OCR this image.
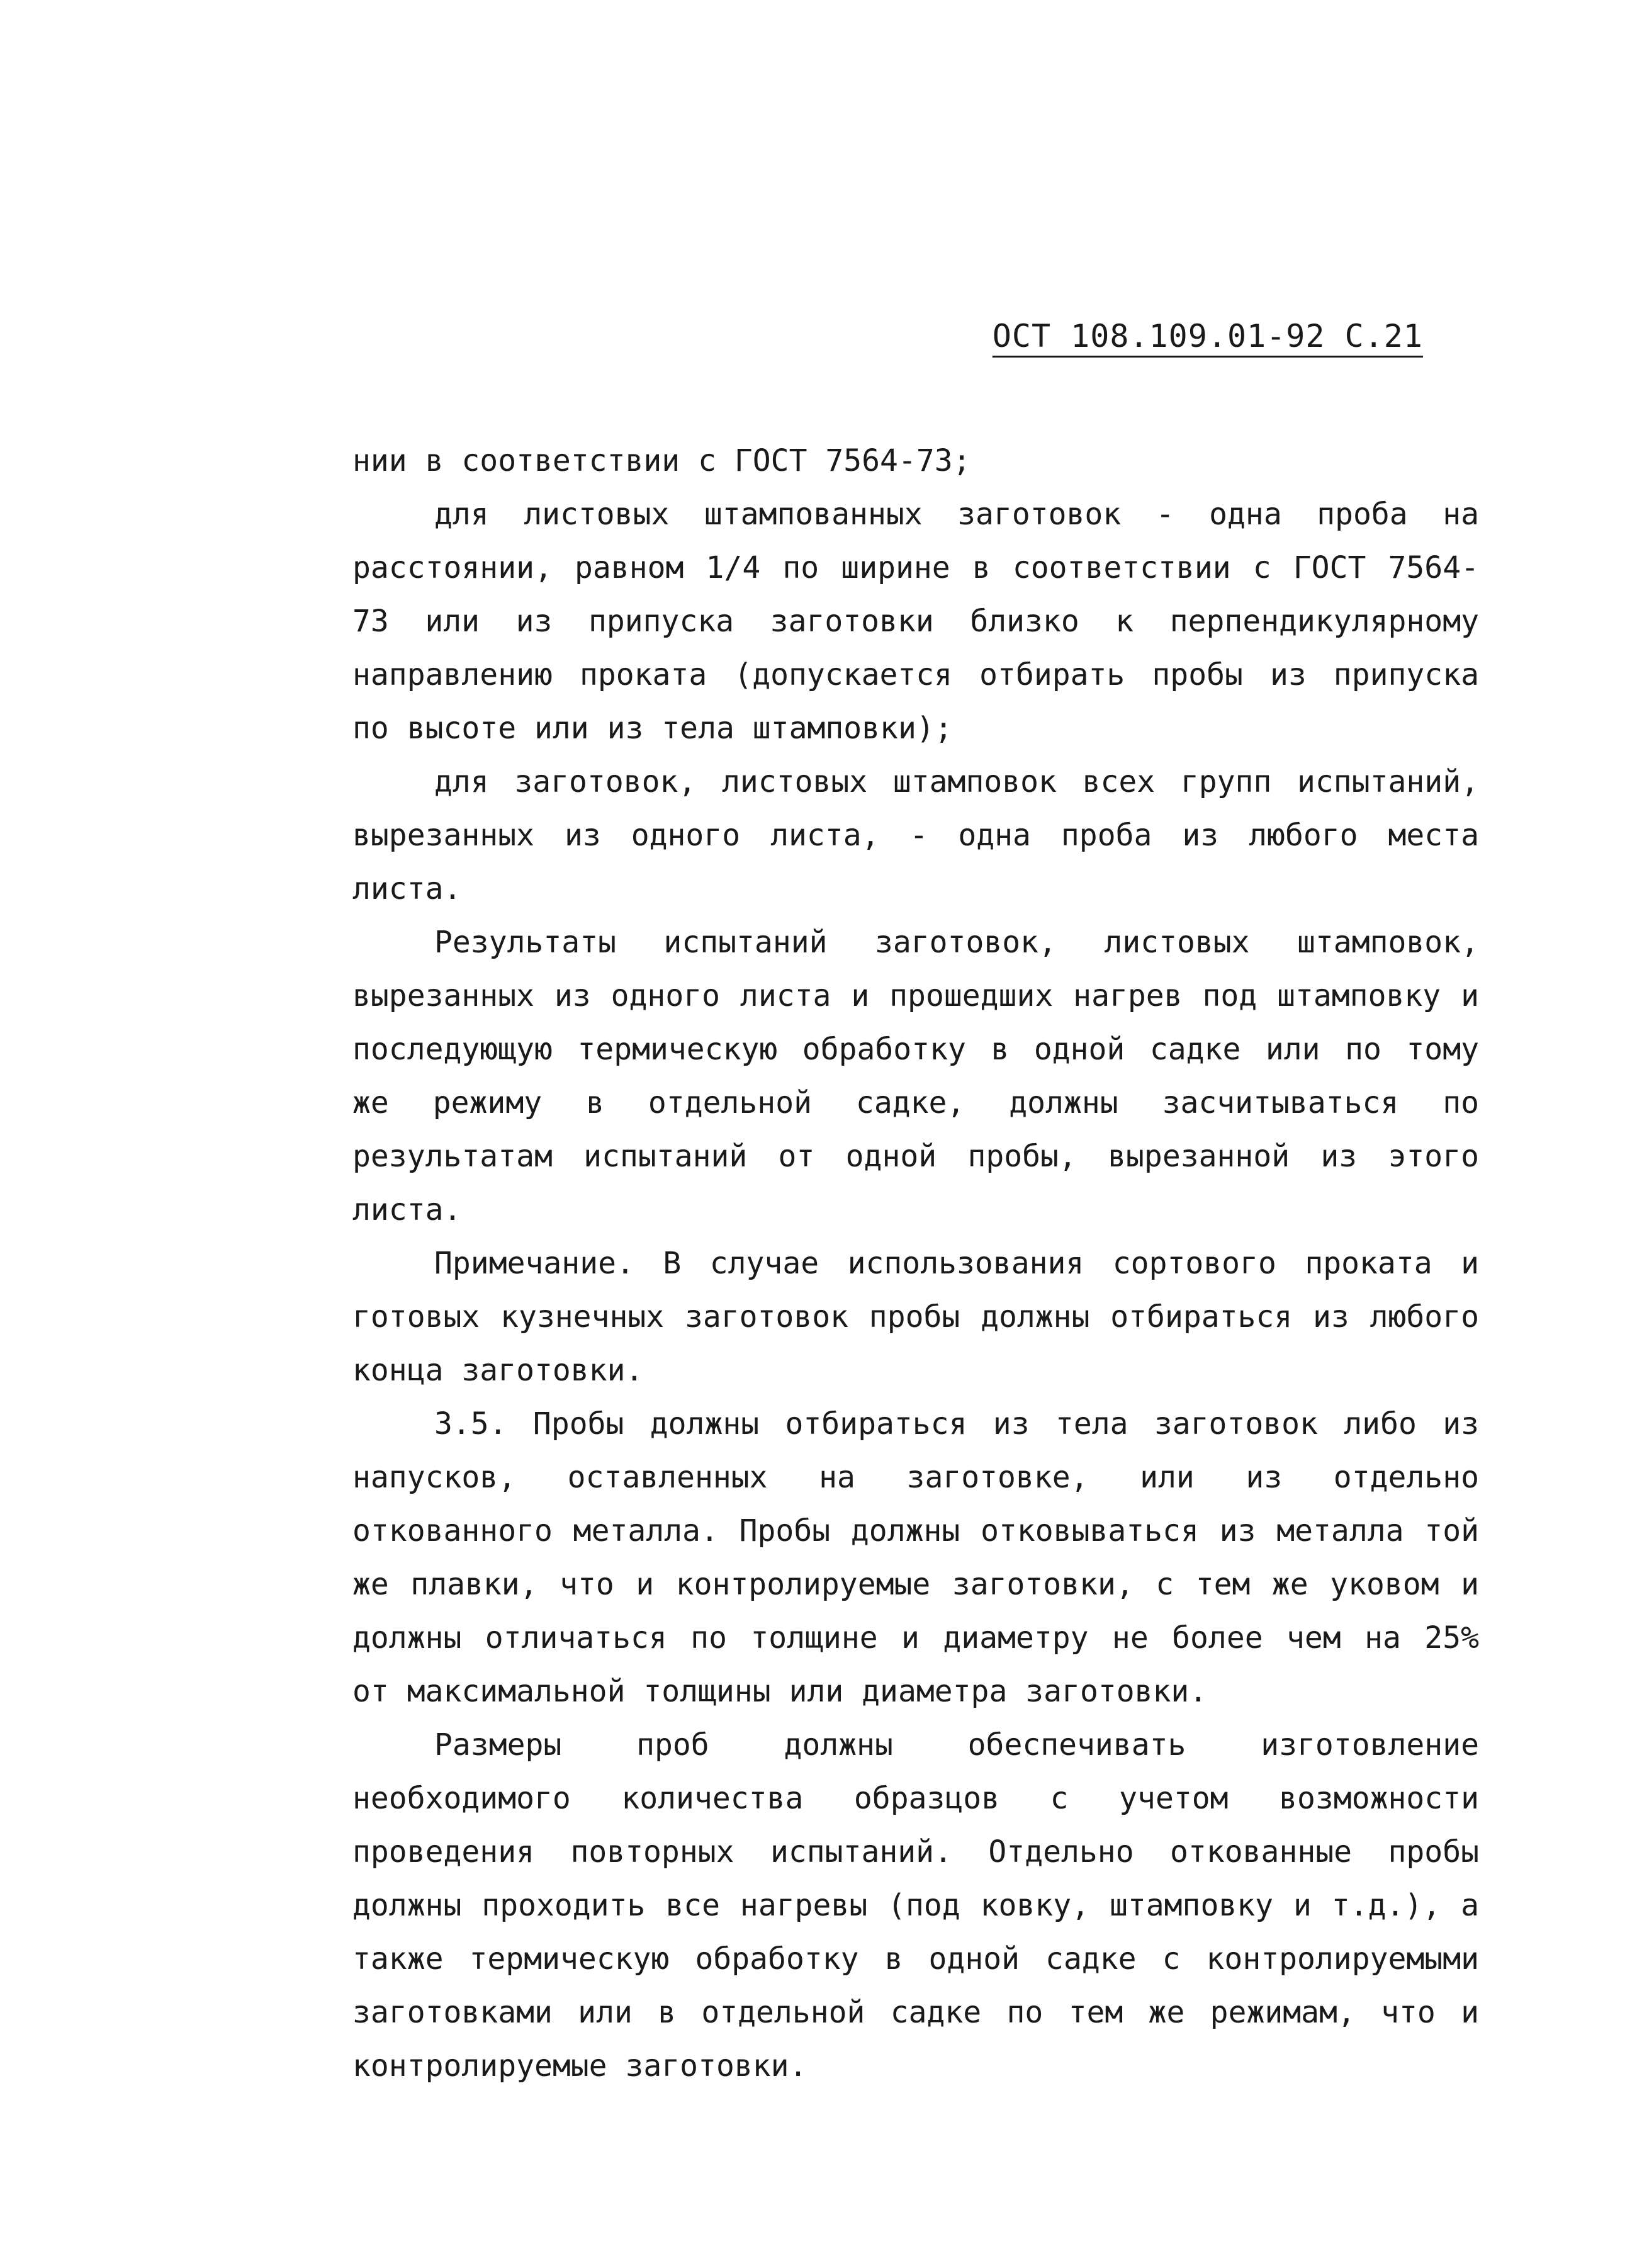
ОСТ 108.109.01-92 С.21

нии в соответствии с ГОСТ 7564-73;

для листовых штампованных заготовок - одна проба на расстоянии, равном 1/4 по ширине в соответствии с ГОСТ 7564-73 или из припуска заготовки близко к перпендикулярному направлению проката (допускается отбирать пробы из припуска по высоте или из тела штамповки);

для заготовок, листовых штамповок всех групп испытаний, вырезанных из одного листа, - одна проба из любого места листа.

Результаты испытаний заготовок, листовых штамповок, вырезанных из одного листа и прошедших нагрев под штамповку и последующую термическую обработку в одной садке или по тому же режиму в отдельной садке, должны засчитываться по результатам испытаний от одной пробы, вырезанной из этого листа.

Примечание. В случае использования сортового проката и готовых кузнечных заготовок пробы должны отбираться из любого конца заготовки.

3.5. Пробы должны отбираться из тела заготовок либо из напусков, оставленных на заготовке, или из отдельно откованного металла. Пробы должны отковываться из металла той же плавки, что и контролируемые заготовки, с тем же уковом и должны отличаться по толщине и диаметру не более чем на 25% от максимальной толщины или диаметра заготовки.

Размеры проб должны обеспечивать изготовление необходимого количества образцов с учетом возможности проведения повторных испытаний. Отдельно откованные пробы должны проходить все нагревы (под ковку, штамповку и т.д.), а также термическую обработку в одной садке с контролируемыми заготовками или в отдельной садке по тем же режимам, что и контролируемые заготовки.
